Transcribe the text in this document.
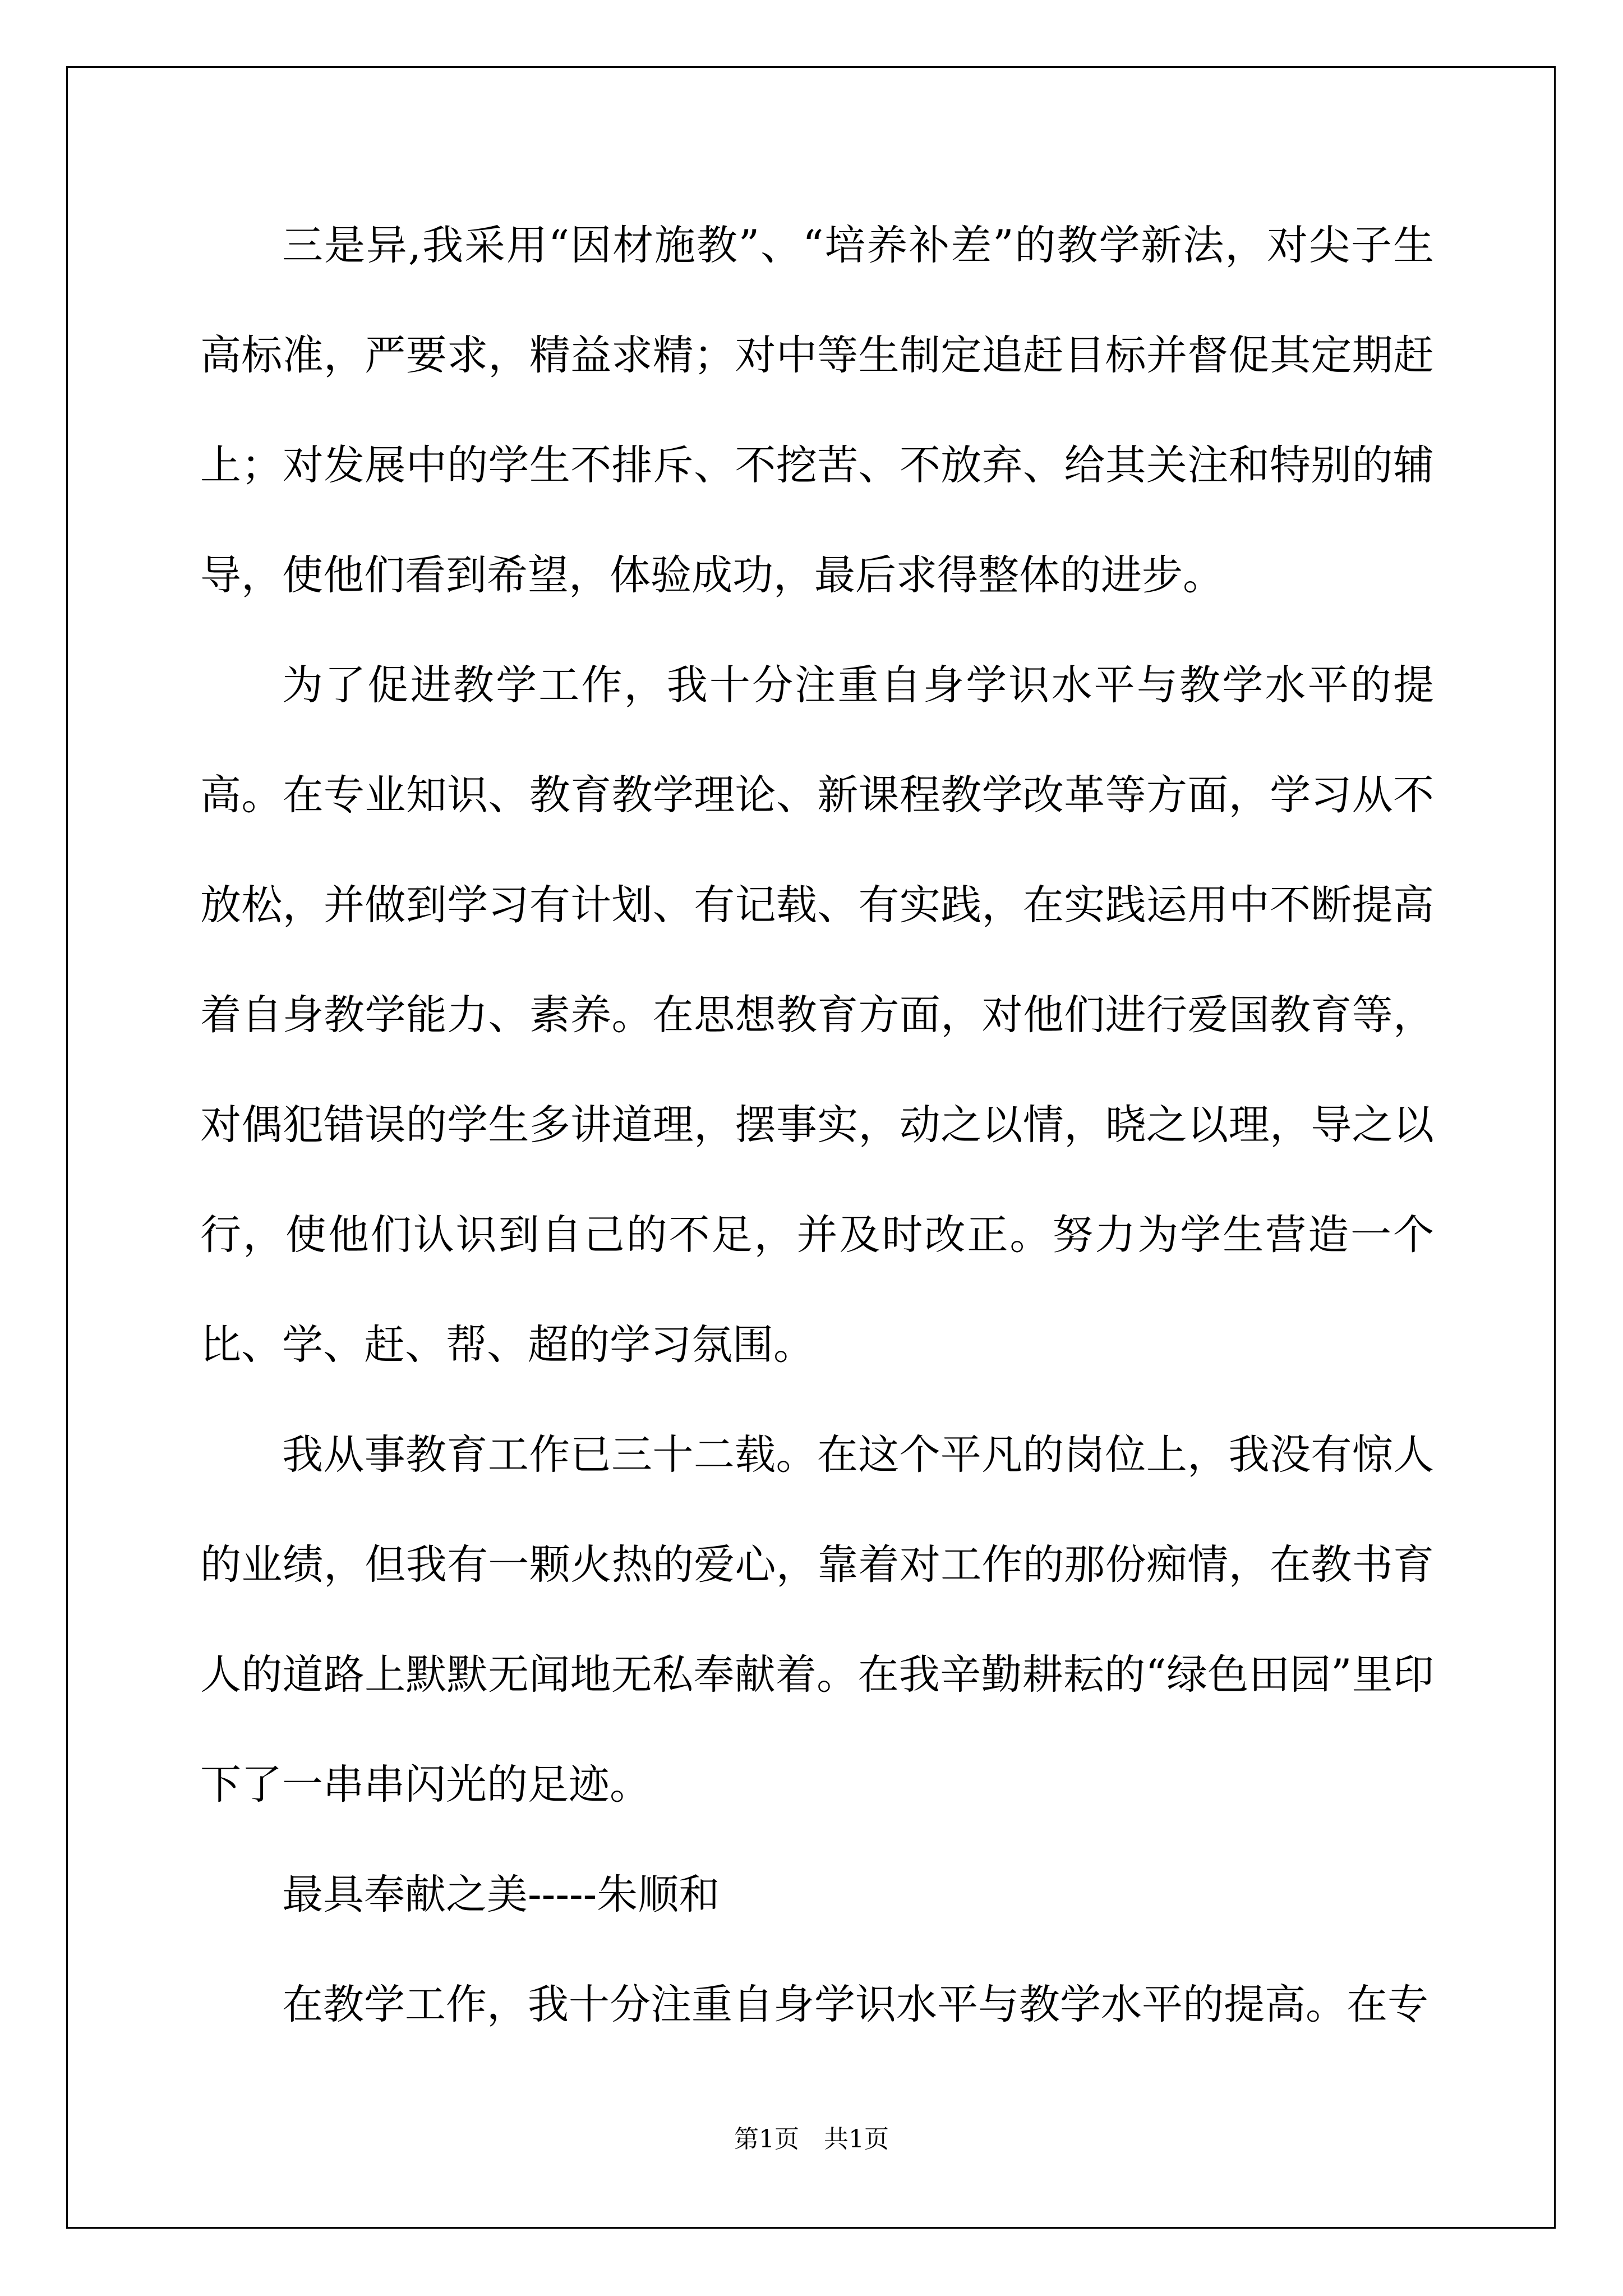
三是异,我采用“因材施教”、“培养补差”的教学新法，对尖子生高标准，严要求，精益求精；对中等生制定追赶目标并督促其定期赶上；对发展中的学生不排斥、不挖苦、不放弃、给其关注和特别的辅导，使他们看到希望，体验成功，最后求得整体的进步。

为了促进教学工作，我十分注重自身学识水平与教学水平的提高。在专业知识、教育教学理论、新课程教学改革等方面，学习从不放松，并做到学习有计划、有记载、有实践，在实践运用中不断提高着自身教学能力、素养。在思想教育方面，对他们进行爱国教育等，对偶犯错误的学生多讲道理，摆事实，动之以情，晓之以理，导之以行，使他们认识到自己的不足，并及时改正。努力为学生营造一个比、学、赶、帮、超的学习氛围。

我从事教育工作已三十二载。在这个平凡的岗位上，我没有惊人的业绩，但我有一颗火热的爱心，靠着对工作的那份痴情，在教书育人的道路上默默无闻地无私奉献着。在我辛勤耕耘的“绿色田园”里印下了一串串闪光的足迹。

最具奉献之美-----朱顺和

在教学工作，我十分注重自身学识水平与教学水平的提高。在专

第1页 共1页
